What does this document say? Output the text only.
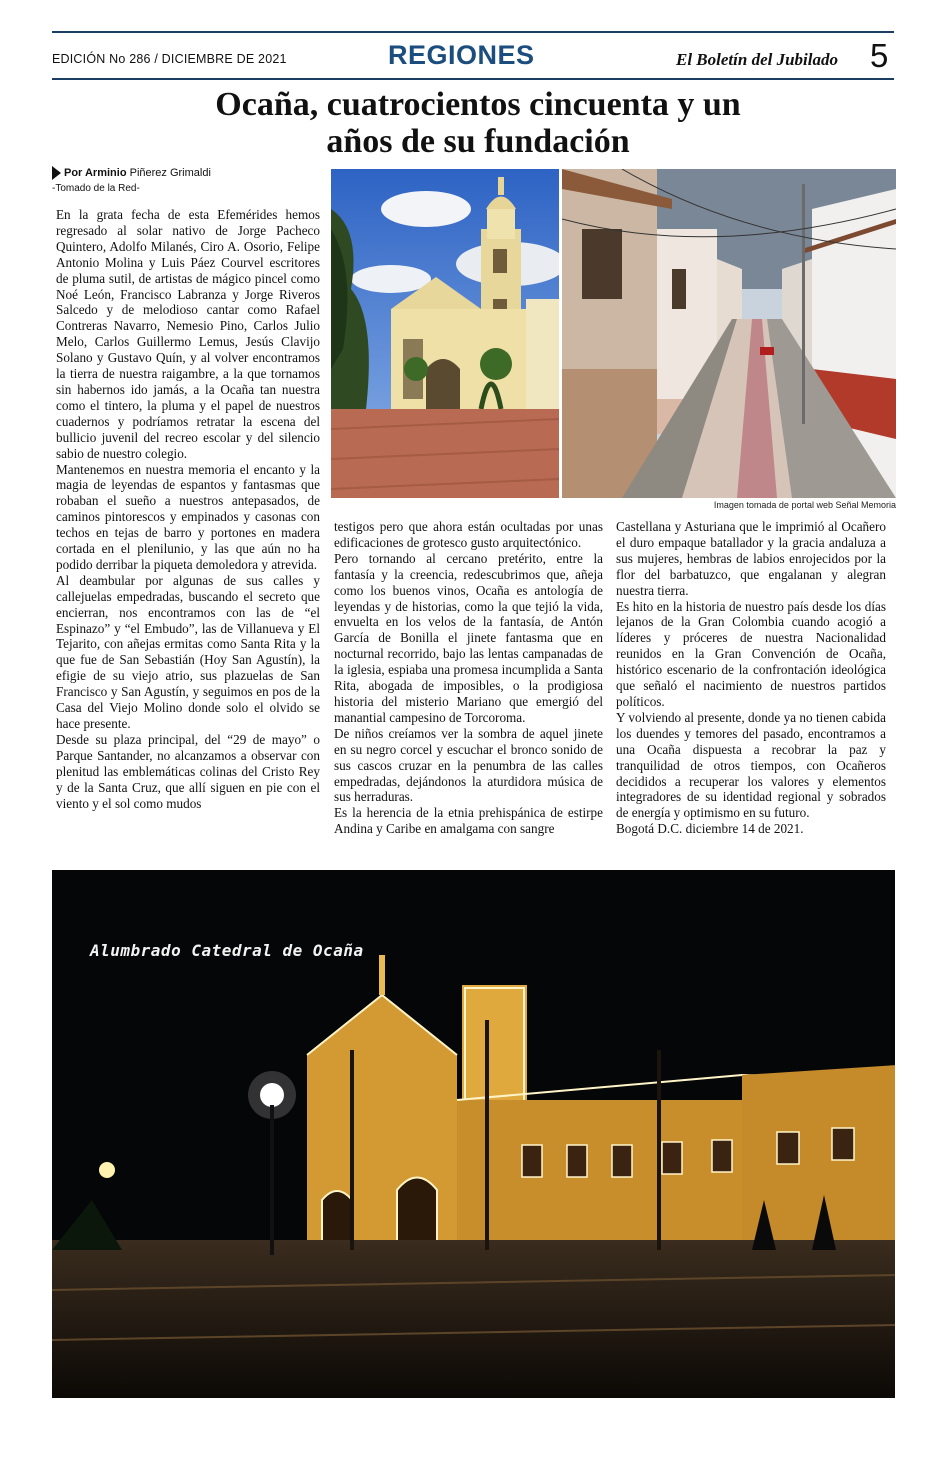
EDICIÓN No 286 / DICIEMBRE DE 2021	REGIONES	El Boletín del Jubilado 5
Ocaña, cuatrocientos cincuenta y un
años de su fundación
Por Arminio Piñerez Grimaldi
-Tomado de la Red-

En la grata fecha de esta Efemérides hemos regresado al solar nativo de Jorge Pacheco Quintero, Adolfo Milanés, Ciro A. Osorio, Felipe Antonio Molina y Luis Páez Courvel escritores de pluma sutil, de artistas de mágico pincel como Noé León, Francisco Labranza y Jorge Riveros Salcedo y de melodioso cantar como Rafael Contreras Navarro, Nemesio Pino, Carlos Julio Melo, Carlos Guillermo Lemus, Jesús Clavijo Solano y Gustavo Quín, y al volver encontramos la tierra de nuestra raigambre, a la que tornamos sin habernos ido jamás, a la Ocaña tan nuestra como el tintero, la pluma y el papel de nuestros cuadernos y podríamos retratar la escena del bullicio juvenil del recreo escolar y del silencio sabio de nuestro colegio.

Mantenemos en nuestra memoria el encanto y la magia de leyendas de espantos y fantasmas que robaban el sueño a nuestros antepasados, de caminos pintorescos y empinados y casonas con techos en tejas de barro y portones en madera cortada en el plenilunio, y las que aún no ha podido derribar la piqueta demoledora y atrevida.

Al deambular por algunas de sus calles y callejuelas empedradas, buscando el secreto que encierran, nos encontramos con las de “el Espinazo” y “el Embudo”, las de Villanueva y El Tejarito, con añejas ermitas como Santa Rita y la que fue de San Sebastián (Hoy San Agustín), la efigie de su viejo atrio, sus plazuelas de San Francisco y San Agustín, y seguimos en pos de la Casa del Viejo Molino donde solo el olvido se hace presente.

Desde su plaza principal, del “29 de mayo” o Parque Santander, no alcanzamos a observar con plenitud las emblemáticas colinas del Cristo Rey y de la Santa Cruz, que allí siguen en pie con el viento y el sol como mudos

Imagen tomada de portal web Señal Memoria

testigos pero que ahora están ocultadas por unas edificaciones de grotesco gusto arquitectónico.

Pero tornando al cercano pretérito, entre la fantasía y la creencia, redescubrimos que, añeja como los buenos vinos, Ocaña es antología de leyendas y de historias, como la que tejió la vida, envuelta en los velos de la fantasía, de Antón García de Bonilla el jinete fantasma que en nocturnal recorrido, bajo las lentas campanadas de la iglesia, espiaba una promesa incumplida a Santa Rita, abogada de imposibles, o la prodigiosa historia del misterio Mariano que emergió del manantial campesino de Torcoroma.

De niños creíamos ver la sombra de aquel jinete en su negro corcel y escuchar el bronco sonido de sus cascos cruzar en la penumbra de las calles empedradas, dejándonos la aturdidora música de sus herraduras.

Es la herencia de la etnia prehispánica de estirpe Andina y Caribe en amalgama con sangre

Castellana y Asturiana que le imprimió al Ocañero el duro empaque batallador y la gracia andaluza a sus mujeres, hembras de labios enrojecidos por la flor del barbatuzco, que engalanan y alegran nuestra tierra.

Es hito en la historia de nuestro país desde los días lejanos de la Gran Colombia cuando acogió a líderes y próceres de nuestra Nacionalidad reunidos en la Gran Convención de Ocaña, histórico escenario de la confrontación ideológica que señaló el nacimiento de nuestros partidos políticos.

Y volviendo al presente, donde ya no tienen cabida los duendes y temores del pasado, encontramos a una Ocaña dispuesta a recobrar la paz y tranquilidad de otros tiempos, con Ocañeros decididos a recuperar los valores y elementos integradores de su identidad regional y sobrados de energía y optimismo en su futuro.

Bogotá D.C. diciembre 14 de 2021.

Alumbrado Catedral de Ocaña
